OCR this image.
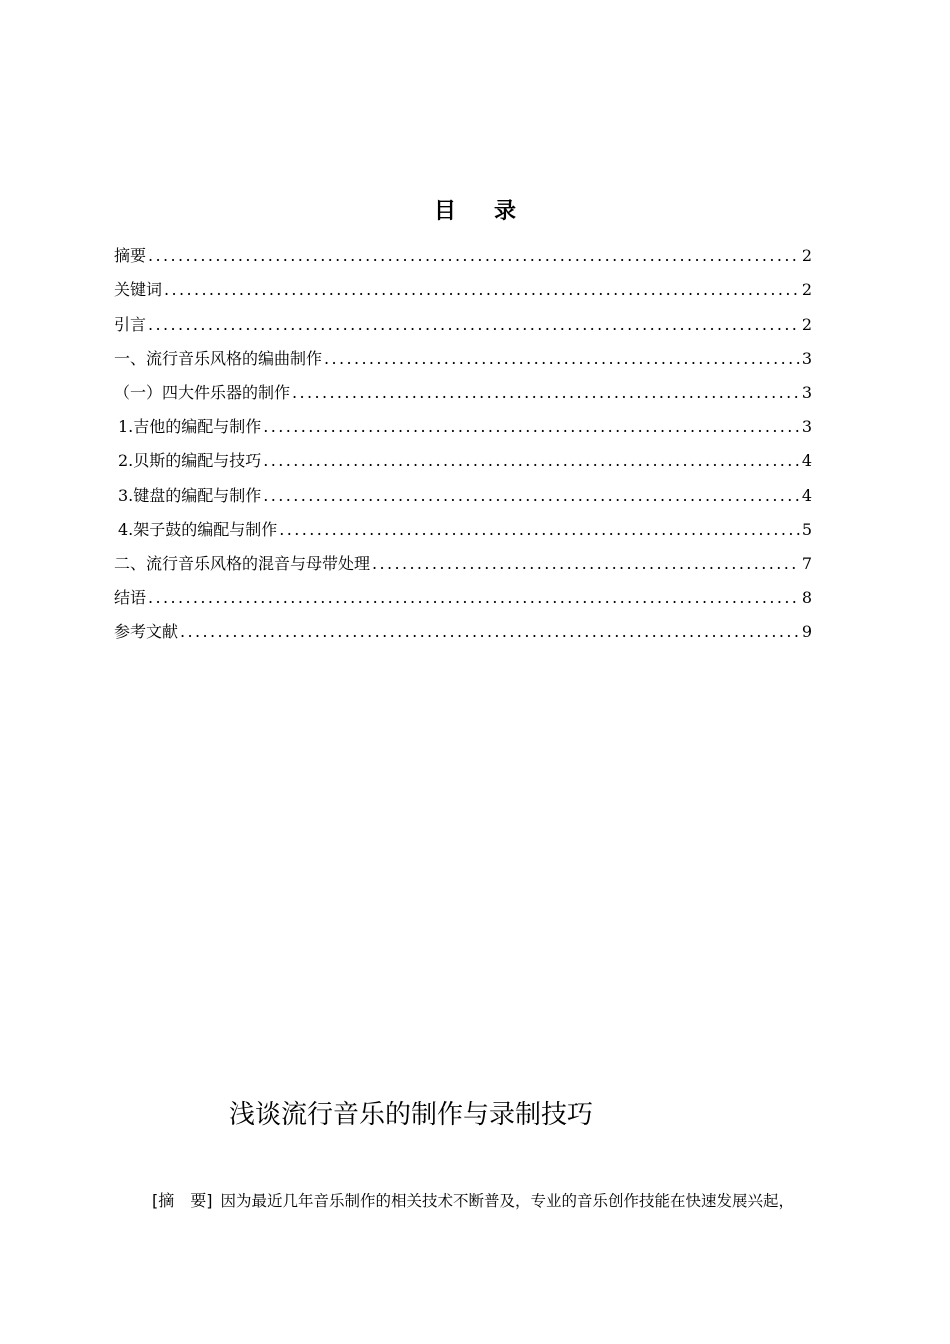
目录
摘要 .....	2
关键词 .....	2
引言 .....	2
一、流行音乐风格的编曲制作 .....	3
（一）四大件乐器的制作 .....	3
1.吉他的编配与制作 .....	3
2.贝斯的编配与技巧 .....	4
3.键盘的编配与制作 .....	4
4.架子鼓的编配与制作 .....	5
二、流行音乐风格的混音与母带处理 .....	7
结语 .....	8
参考文献 .....	9
浅谈流行音乐的制作与录制技巧
[摘　要] 因为最近几年音乐制作的相关技术不断普及，专业的音乐创作技能在快速发展兴起，
